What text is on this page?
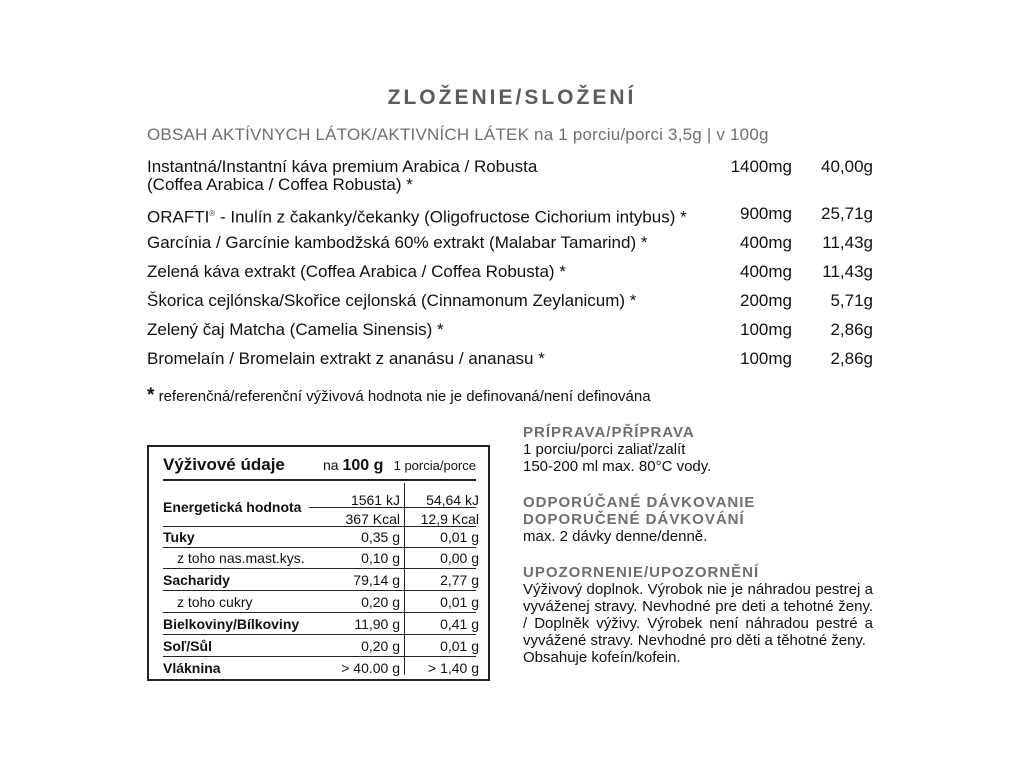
ZLOŽENIE/SLOŽENÍ
OBSAH AKTÍVNYCH LÁTOK/AKTIVNÍCH LÁTEK na 1 porciu/porci 3,5g | v 100g
Instantná/Instantní káva premium Arabica / Robusta
(Coffea Arabica / Coffea Robusta) *
1400mg 40,00g
ORAFTI® - Inulín z čakanky/čekanky (Oligofructose Cichorium intybus) *	900mg 25,71g
Garcínia / Garcínie kambodžská 60% extrakt (Malabar Tamarind) *	400mg 11,43g
Zelená káva extrakt (Coffea Arabica / Coffea Robusta) *	400mg 11,43g
Škorica cejlónska/Skořice cejlonská (Cinnamonum Zeylanicum) *	200mg 5,71g
Zelený čaj Matcha (Camelia Sinensis) *	100mg 2,86g
Bromelaín / Bromelain extrakt z ananásu / ananasu *	100mg 2,86g
* referenčná/referenční výživová hodnota nie je definovaná/není definována
Výživové údaje	na 100 g 1 porcia/porce
Energetická hodnota	1561 kJ	54,64 kJ
367 Kcal	12,9 Kcal
Tuky	0,35 g	0,01 g
z toho nas.mast.kys.	0,10 g	0,00 g
Sacharidy	79,14 g	2,77 g
z toho cukry	0,20 g	0,01 g
Bielkoviny/Bílkoviny	11,90 g	0,41 g
Soľ/Sůl	0,20 g	0,01 g
Vláknina	> 40.00 g	> 1,40 g
PRÍPRAVA/PŘÍPRAVA
1 porciu/porci zaliať/zalít
150-200 ml max. 80°C vody.
ODPORÚČANÉ DÁVKOVANIE
DOPORUČENÉ DÁVKOVÁNÍ
max. 2 dávky denne/denně.
UPOZORNENIE/UPOZORNĚNÍ
Výživový doplnok. Výrobok nie je náhradou pestrej a vyváženej stravy. Nevhodné pre deti a tehotné ženy. / Doplněk výživy. Výrobek není náhradou pestré a vyvážené stravy. Nevhodné pro děti a těhotné ženy.
Obsahuje kofeín/kofein.
